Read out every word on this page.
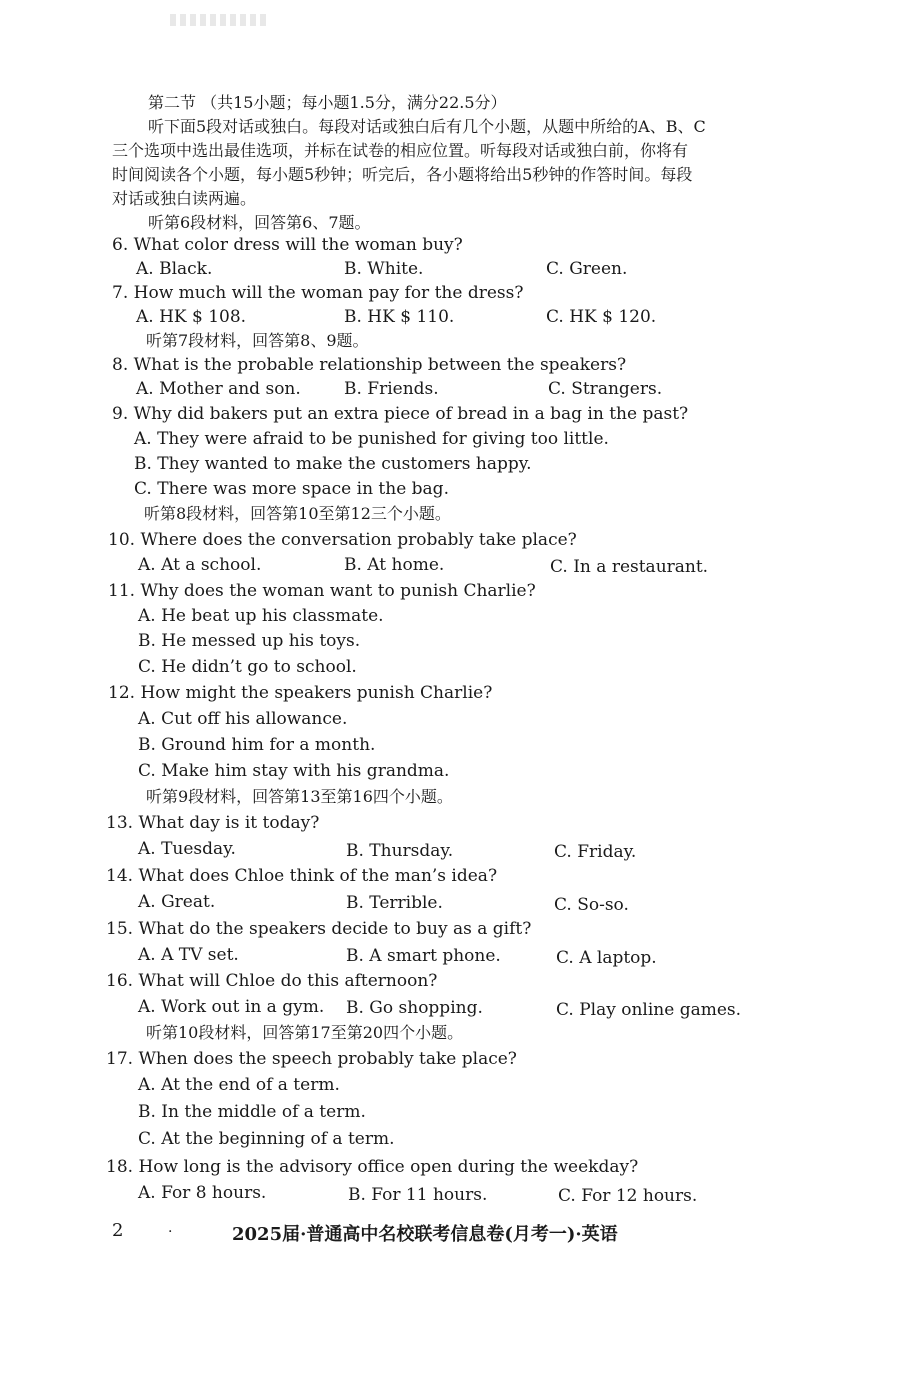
第二节 （共15小题；每小题1.5分，满分22.5分）
听下面5段对话或独白。每段对话或独白后有几个小题，从题中所给的A、B、C
三个选项中选出最佳选项，并标在试卷的相应位置。听每段对话或独白前，你将有
时间阅读各个小题，每小题5秒钟；听完后，各小题将给出5秒钟的作答时间。每段
对话或独白读两遍。
听第6段材料，回答第6、7题。
6. What color dress will the woman buy?
A. Black.	B. White.	C. Green.
7. How much will the woman pay for the dress?
A. HK $ 108.	B. HK $ 110.	C. HK $ 120.
听第7段材料，回答第8、9题。
8. What is the probable relationship between the speakers?
A. Mother and son.	B. Friends.	C. Strangers.
9. Why did bakers put an extra piece of bread in a bag in the past?
A. They were afraid to be punished for giving too little.
B. They wanted to make the customers happy.
C. There was more space in the bag.
听第8段材料，回答第10至第12三个小题。
10. Where does the conversation probably take place?
A. At a school.	B. At home.	C. In a restaurant.
11. Why does the woman want to punish Charlie?
A. He beat up his classmate.
B. He messed up his toys.
C. He didn’t go to school.
12. How might the speakers punish Charlie?
A. Cut off his allowance.
B. Ground him for a month.
C. Make him stay with his grandma.
听第9段材料，回答第13至第16四个小题。
13. What day is it today?
A. Tuesday.	B. Thursday.	C. Friday.
14. What does Chloe think of the man’s idea?
A. Great.	B. Terrible.	C. So-so.
15. What do the speakers decide to buy as a gift?
A. A TV set.	B. A smart phone.	C. A laptop.
16. What will Chloe do this afternoon?
A. Work out in a gym. B. Go shopping.	C. Play online games.
听第10段材料，回答第17至第20四个小题。
17. When does the speech probably take place?
A. At the end of a term.
B. In the middle of a term.
C. At the beginning of a term.
18. How long is the advisory office open during the weekday?
A. For 8 hours.	B. For 11 hours.	C. For 12 hours.
2	.	2025届·普通高中名校联考信息卷(月考一)·英语
